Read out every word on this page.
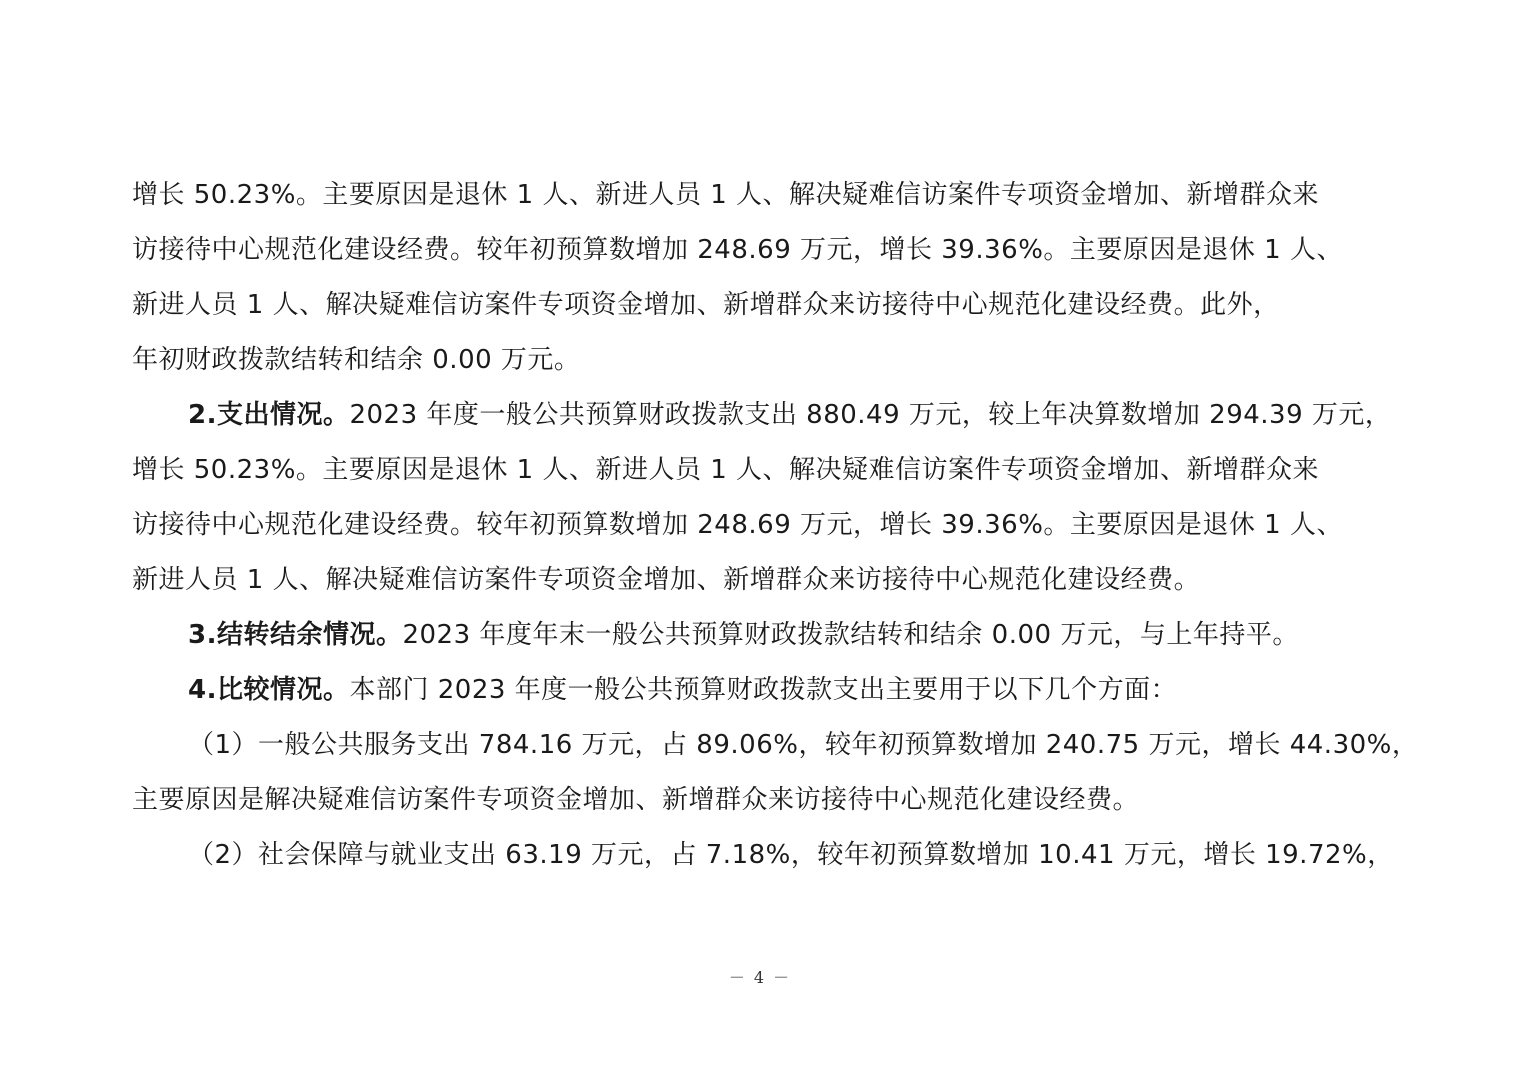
增长 50.23%。主要原因是退休 1 人、新进人员 1 人、解决疑难信访案件专项资金增加、新增群众来
访接待中心规范化建设经费。较年初预算数增加 248.69 万元，增长 39.36%。主要原因是退休 1 人、
新进人员 1 人、解决疑难信访案件专项资金增加、新增群众来访接待中心规范化建设经费。此外，
年初财政拨款结转和结余 0.00 万元。
2.支出情况。2023 年度一般公共预算财政拨款支出 880.49 万元，较上年决算数增加 294.39 万元，
增长 50.23%。主要原因是退休 1 人、新进人员 1 人、解决疑难信访案件专项资金增加、新增群众来
访接待中心规范化建设经费。较年初预算数增加 248.69 万元，增长 39.36%。主要原因是退休 1 人、
新进人员 1 人、解决疑难信访案件专项资金增加、新增群众来访接待中心规范化建设经费。
3.结转结余情况。2023 年度年末一般公共预算财政拨款结转和结余 0.00 万元，与上年持平。
4.比较情况。本部门 2023 年度一般公共预算财政拨款支出主要用于以下几个方面：
（1）一般公共服务支出 784.16 万元，占 89.06%，较年初预算数增加 240.75 万元，增长 44.30%，
主要原因是解决疑难信访案件专项资金增加、新增群众来访接待中心规范化建设经费。
（2）社会保障与就业支出 63.19 万元，占 7.18%，较年初预算数增加 10.41 万元，增长 19.72%，
－ 4 －
